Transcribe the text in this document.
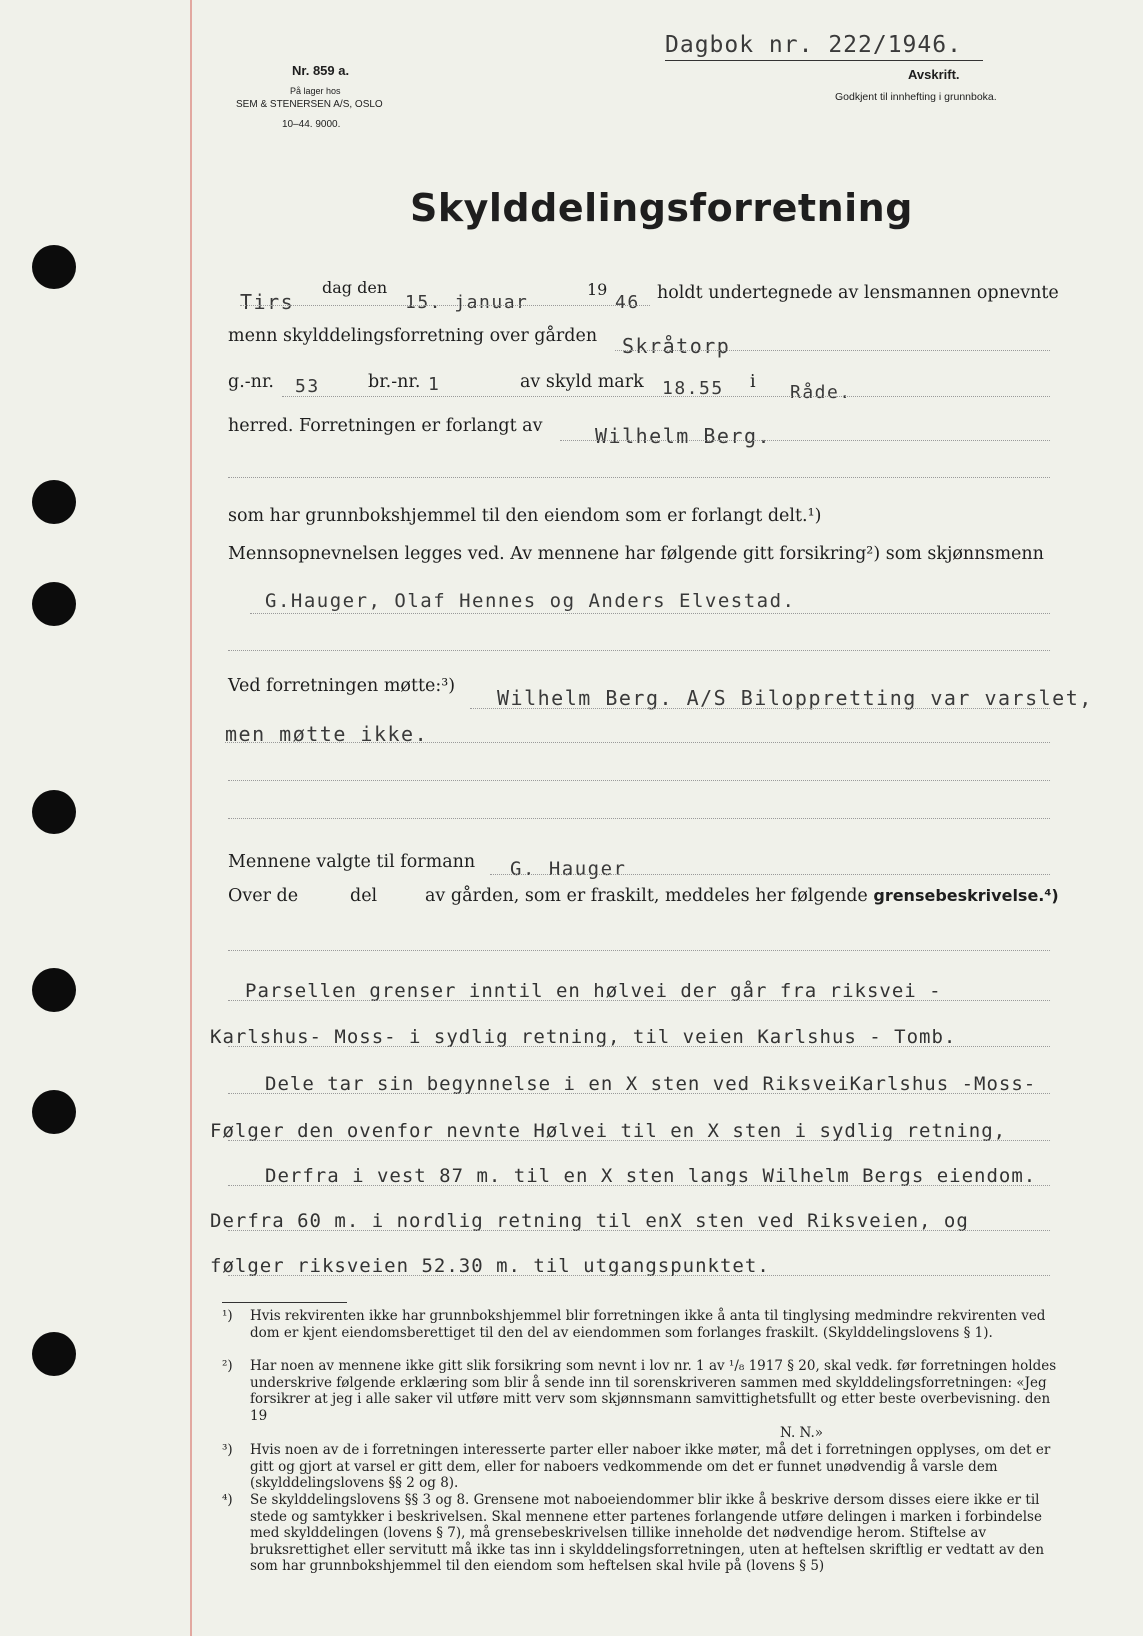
Nr. 859 a.
På lager hos
SEM & STENERSEN A/S, OSLO
10–44. 9000.
Dagbok nr. 222/1946.
Avskrift.
Godkjent til innhefting i grunnboka.
Skylddelingsforretning
Tirs
dag den
15. januar
19
46 holdt undertegnede av lensmannen opnevnte
menn skylddelingsforretning over gården Skråtorp
g.-nr. 53	br.-nr. 1	av skyld mark 18.55 i Råde.
herred. Forretningen er forlangt av	Wilhelm Berg.
som har grunnbokshjemmel til den eiendom som er forlangt delt.¹)
Mennsopnevnelsen legges ved. Av mennene har følgende gitt forsikring²) som skjønnsmenn
G.Hauger, Olaf Hennes og Anders Elvestad.
Ved forretningen møtte:³) Wilhelm Berg. A/S Biloppretting var varslet,
men møtte ikke.
Mennene valgte til formann G. Hauger
Over de	del	av gården, som er fraskilt, meddeles her følgende grensebeskrivelse.⁴)
Parsellen grenser inntil en hølvei der går fra riksvei -
Karlshus- Moss- i sydlig retning, til veien Karlshus - Tomb.
Dele tar sin begynnelse i en X sten ved RiksveiKarlshus -Moss-
Følger den ovenfor nevnte Hølvei til en X sten i sydlig retning,
Derfra i vest 87 m. til en X sten langs Wilhelm Bergs eiendom.
Derfra 60 m. i nordlig retning til enX sten ved Riksveien, og
følger riksveien 52.30 m. til utgangspunktet.
¹) Hvis rekvirenten ikke har grunnbokshjemmel blir forretningen ikke å anta til tinglysing medmindre rekvirenten ved dom er kjent eiendomsberettiget til den del av eiendommen som forlanges fraskilt. (Skylddelingslovens § 1).
²) Har noen av mennene ikke gitt slik forsikring som nevnt i lov nr. 1 av ¹/₈ 1917 § 20, skal vedk. før forretningen holdes underskrive følgende erklæring som blir å sende inn til sorenskriveren sammen med skylddelingsforretningen: «Jeg forsikrer at jeg i alle saker vil utføre mitt verv som skjønnsmann samvittighetsfullt og etter beste overbevisning. den 19
N. N.»
³) Hvis noen av de i forretningen interesserte parter eller naboer ikke møter, må det i forretningen opplyses, om det er gitt og gjort at varsel er gitt dem, eller for naboers vedkommende om det er funnet unødvendig å varsle dem (skylddelingslovens §§ 2 og 8).
⁴) Se skylddelingslovens §§ 3 og 8. Grensene mot naboeiendommer blir ikke å beskrive dersom disses eiere ikke er til stede og samtykker i beskrivelsen. Skal mennene etter partenes forlangende utføre delingen i marken i forbindelse med skylddelingen (lovens § 7), må grensebeskrivelsen tillike inneholde det nødvendige herom. Stiftelse av bruksrettighet eller servitutt må ikke tas inn i skylddelingsforretningen, uten at heftelsen skriftlig er vedtatt av den som har grunnbokshjemmel til den eiendom som heftelsen skal hvile på (lovens § 5)
